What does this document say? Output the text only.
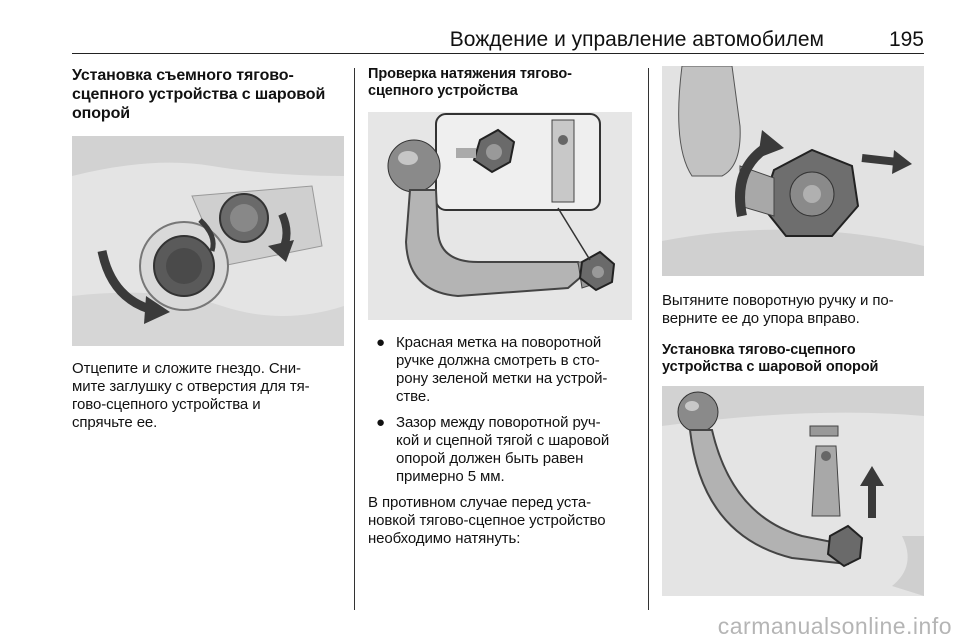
Вождение и управление автомобилем	195
Установка съемного тягово-
сцепного устройства с шаровой
опорой

Отцепите и сложите гнездо. Сни-
мите заглушку с отверстия для тя-
гово-сцепного устройства и
спрячьте ее.

Проверка натяжения тягово-
сцепного устройства
● Красная метка на поворотной
ручке должна смотреть в сто-
рону зеленой метки на устрой-
стве.
● Зазор между поворотной руч-
кой и сцепной тягой с шаровой
опорой должен быть равен
примерно 5 мм.

В противном случае перед уста-
новкой тягово-сцепное устройство
необходимо натянуть:

Вытяните поворотную ручку и по-
верните ее до упора вправо.

Установка тягово-сцепного
устройства с шаровой опорой
carmanualsonline.info
